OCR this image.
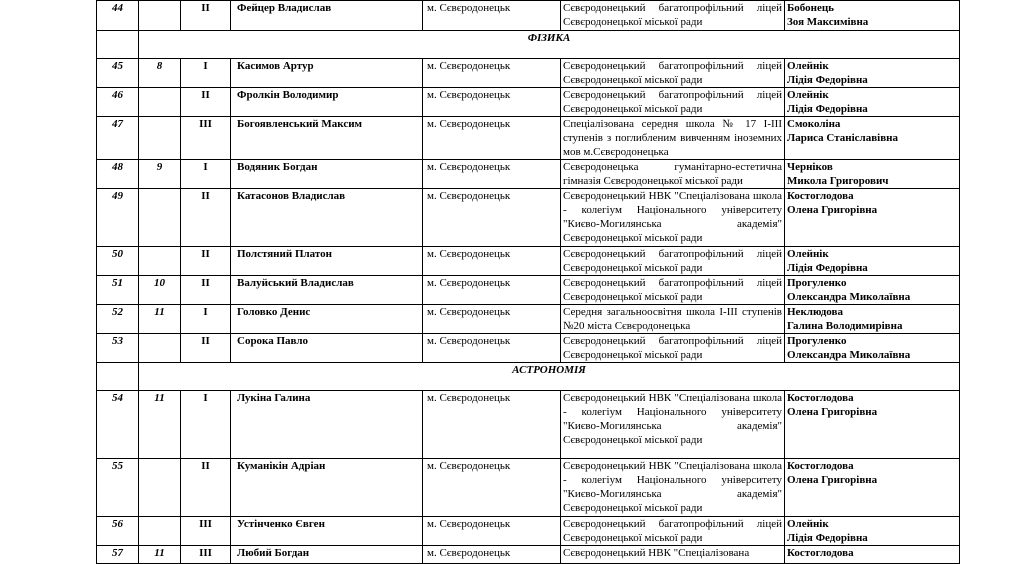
44		II	Фейцер Владислав	м. Сєвєродонецьк	Сєвєродонецький багатопрофільний ліцей Сєвєродонецької міської ради	Бобонець
Зоя Максимівна

	ФІЗИКА					
45	8	I	Касимов Артур	м. Сєвєродонецьк	Сєвєродонецький багатопрофільний ліцей Сєвєродонецької міської ради	Олейнік
Лідія Федорівна

46		II	Фролкін Володимир	м. Сєвєродонецьк	Сєвєродонецький багатопрофільний ліцей Сєвєродонецької міської ради	Олейнік
Лідія Федорівна

47		III	Богоявленський Максим	м. Сєвєродонецьк	Спеціалізована середня школа № 17 І-ІІІ ступенів з поглибленим вивченням іноземних мов м.Сєвєродонецька	Смоколіна
Лариса Станіславівна

48	9	I	Водяник Богдан	м. Сєвєродонецьк	Сєвєродонецька гуманітарно-естетична гімназія Сєвєродонецької міської ради	Черніков
Микола Григорович

49		II	Катасонов Владислав	м. Сєвєродонецьк	Сєвєродонецький НВК "Спеціалізована школа - колегіум Національного університету "Києво-Могилянська академія" Сєвєродонецької міської ради	Костоглодова
Олена Григорівна

50		II	Полстяний Платон	м. Сєвєродонецьк	Сєвєродонецький багатопрофільний ліцей Сєвєродонецької міської ради	Олейнік
Лідія Федорівна

51	10	II	Валуйський Владислав	м. Сєвєродонецьк	Сєвєродонецький багатопрофільний ліцей Сєвєродонецької міської ради	Прогуленко
Олександра Миколаївна

52	11	I	Головко Денис	м. Сєвєродонецьк	Середня загальноосвітня школа І-ІІІ ступенів №20 міста Сєвєродонецька	Неклюдова
Галина Володимирівна

53		II	Сорока Павло	м. Сєвєродонецьк	Сєвєродонецький багатопрофільний ліцей Сєвєродонецької міської ради	Прогуленко
Олександра Миколаївна

	АСТРОНОМІЯ					
54	11	I	Лукіна Галина	м. Сєвєродонецьк	Сєвєродонецький НВК "Спеціалізована школа - колегіум Національного університету "Києво-Могилянська академія" Сєвєродонецької міської ради	Костоглодова
Олена Григорівна

55		II	Куманікін Адріан	м. Сєвєродонецьк	Сєвєродонецький НВК "Спеціалізована школа - колегіум Національного університету "Києво-Могилянська академія" Сєвєродонецької міської ради	Костоглодова
Олена Григорівна

56		III	Устінченко Євген	м. Сєвєродонецьк	Сєвєродонецький багатопрофільний ліцей Сєвєродонецької міської ради	Олейнік
Лідія Федорівна

57	11	III	Любий Богдан	м. Сєвєродонецьк	Сєвєродонецький НВК "Спеціалізована	Костоглодова
